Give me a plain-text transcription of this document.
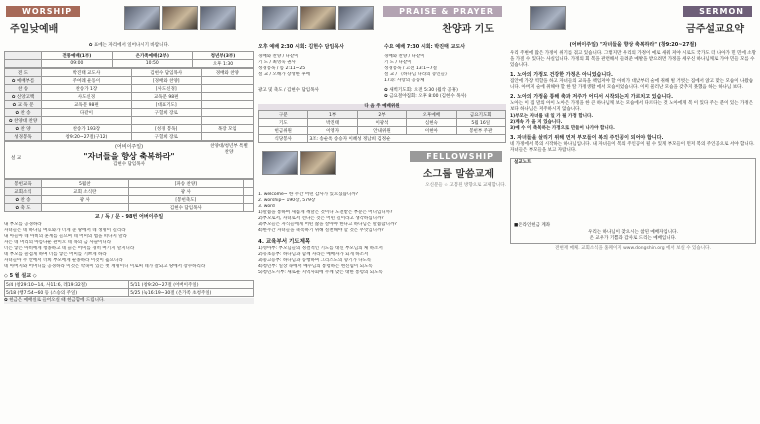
WORSHIP
주일낮예배
✿ 표에는 자리에서 일어나시기 바랍니다.
	전통예배(1부)	은가족예배(2부)	청년부(3부)
	09:00	10:50	오후 1:30
전 도	박진태 교도사	김현수 담임목사	경배와 찬양
✿ 예배부름	주여례 운동이	[경배와 찬양]	
찬 송	찬송가 1장	[사도신경]	
✿ 신앙고백	사도신경	교독문 98편	
✿ 교 독 문	교독문 98편	[대표기도]	
✿ 찬 송	다같이	구혈희 장로	
✿ 찬양대 찬양			
✿ 찬 양	찬송가 193장	[성경 봉독]	목장 모임
성경봉독	창9:20~27절(구12)	구혈희 장로	
설 교
(어비이주일)
"자녀들을 향상 축복하라"
김현수 담임목사
찬양대/청년부 특별찬양
봉헌교육	5월찬	[파송 찬양]	
교회소식	교회 소식란	광 사	
✿ 찬 송	광 사	[봉헌축도]	
✿ 축 도		김현수 담임목사	
교 / 독 / 문 - 98번 어버이주일
내 부모를 공경하라
자녀들은 네 하나님 여호와가 너게 준 땅에서 네 생명이 길리라
내 아들아 네 아비의 훈계를 들으며 네 어미의 법을 떠나지 말라
자는 네 머리의 아름다운 관이오 네 목의 금 사슬이니라
너는 낳은 아비에게 청종하고 네 늙은 어미를 경히 여기지 말지니라
네 부모를 즐겁게 하며 너를 낳은 어미를 기쁘게 하라
자녀들아 주 안에서 너희 부모에게 순종하라 이것이 옳으니라
네 아버지와 어머니를 공경하라 이것은 약속이 있는 첫 계명이니 이로써 네가 잘되고 땅에서 장수하리라
◇ 5 월 설교 ◇
5/4 (창29:10~14, 사11:6, 레19:32절)	5/11 (창9:20~27절 (어버이주일)
5/18 (행7:54~60 등 (스승의 주일)	5/25 (눅16:19~30절 (온가족 초청주일)
✿ 헌금은 예배실로 들어오실 때 헌금함에 드립니다.
PRAISE & PRAYER
찬양과 기도
오후 예배 2:30 시회: 김현수 담임목사
경배와 찬양 / 다같이
기 도 / 최영욱 권사
성경봉독 / 롬 2:11~25
설 교 / 오해가 장성한 후에
수요 예배 7:30 시회: 박진태 교도사
경배와 찬양 / 다같이
기 도 / 다같이
성경봉독 / 고전 13:1~7절
설 교 / 《하나님 나라의 증인들》
17과: 사랑의 공동체
광고 및 축도 / 김현수 담임목사	✿ 새벽기도회: 오전 5:30 (월삭 공휴)
✿ 금요철야집회: 오후 8:00 (김현수 목사)
다 음 주 예배위원
구분	1부	2부	오후예배	금요기도회
기도	박진태	이광석	심현숙	5월 16일
헌금위원	이영자	안내위원	이현아	봉헌부 주관
식당봉사	3조: 송순옥 송승자 이혜성 정남희 김정순			
FELLOWSHIP
소그룹 말씀교제
오신분들 ☆ 고봉된 방향으로 교제합니다.
1. welcome~ 한 주간 어떤 감사가 있으셨습니까?
2. worship~ 190장, 579장
3. word
1)말씀을 통하여 새롭게 깨달은 것이나 도전받은 부분은 어디입니까?
2)부모로서, 자녀로서 선다는 것은 어떤 길이라고 생각하십니까?
3)부모들은 자식들에게 어떤 삶을 살아야 한다고 하나님은 말씀합니까?
4)한주간 자녀들을 축복하기 위해 실천해야 할 것은 무엇입니까?
4. 교육부서 기도제목
1)영아부: 부모님들의 정결적인 기도를 대신 부모님의 체 하소서
2)유초등부: 하나님과 함께 자라는 예배자가 되게 하소서
3)중고등부: 하나님과 동행하며 그리스도의 향기가 나도록
4)청년부: 일상 속에서 예수님의 통령하는 현신됨이 되도록
5)청년도시부: 새로운 지역사회에 주께 맞는 대한 통령의 되도록
SERMON
금주설교요약
(어버이주일) "자녀들을 향상 축복하라" (창9:20~27절)
우리 주변에 많은 가정이 위기를 겪고 있습니다. 그렇지만 우리의 가정이 예로 새워 져야 시로도 국가도 더 나아가 민 민에 소망을 가질 수 있다는 사실입니다. 가정의 회 복을 관련해서 들려준 예발을 받으려면 가정을 세우신 하나님께로 가야 민들 모를 수 있습니다.
1. 노아의 가정도 건강한 가정은 아니었습니다.
집안에 가장 역할을 하고 자녀들의 교육을 책임져야 할 아비가 대낮부터 술에 취해 벌 거벗는 집에서 앉고 맞는 모습이 나왔습니다. 아버지 술에 취해야 할 한 딸 가정생활 에서 모습이었습니다. 이미 물러난 모습을 갖추지 못했음 하는 하나님 보다.
2. 노아의 가정을 통해 축과 저주가 어디서 시작되는지 가르치고 있습니다.
노아는 이 집 말의 아이 노아은 가정을 한 큰 하나님께 보는 모습에서 다르다는 것 노아에게 복 이 있다 주는 분이 있는 가정은 보다 하나님은 저주하시지 않습니다.
1)부모는 자녀를 내 일 가 될 가정 합니다.
2)계속 가 을 지 있습니다.
3)예 수 이 축복하는 가정으로 만들어 나가야 합니다.
3. 자녀들을 살리기 위해 먼저 부모들이 복의 주인공이 되어야 합니다.
네 가정에서 복의 시작하는 하나님입니다. 내 자녀들이 복의 주인공이 될 수 있게 부모들이 먼저 복의 주인공으로 서야 합니다. 자녀들은 부모들을 보고 자랍니다.
설교노트
■온라인헌금 계좌
우리는 하나님이 찾으시는 참된 예배자입니다.
온 교우가 기쁨과 감사로 드리는 예배입니다.
전현재 매체. 교회소식을 홈페이지 www.dongshin.org 에서 보실 수 있습니다.
